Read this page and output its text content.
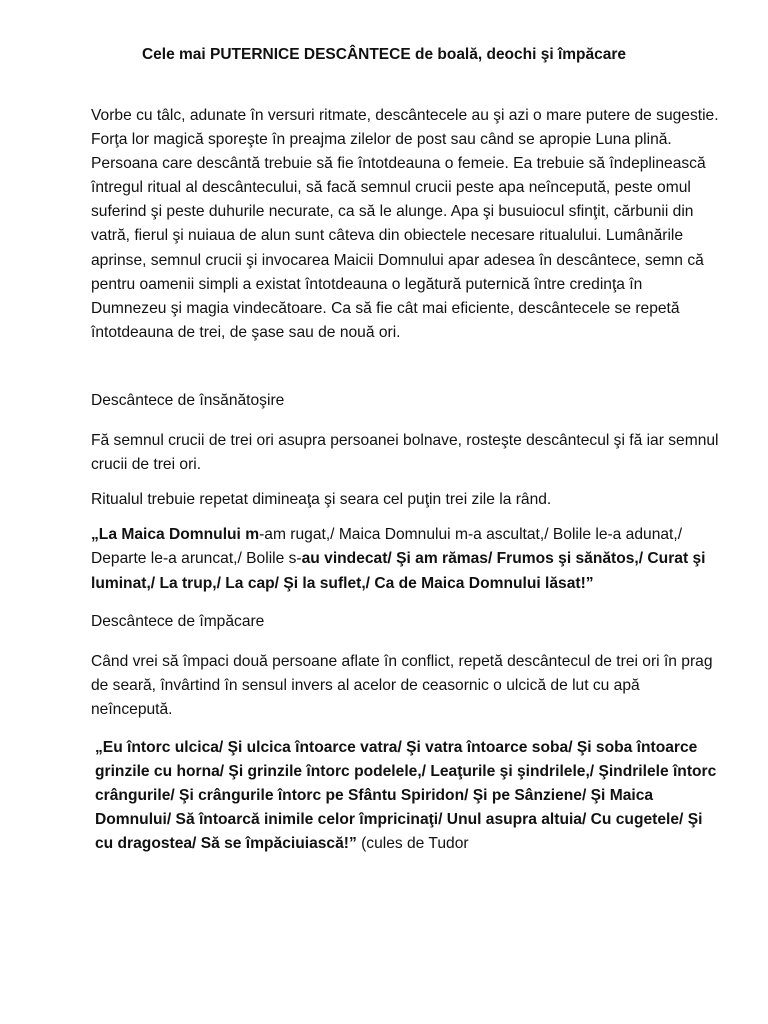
Cele mai PUTERNICE DESCÂNTECE de boală, deochi şi împăcare

Vorbe cu tâlc, adunate în versuri ritmate, descântecele au şi azi o mare putere de sugestie. Forţa lor magică sporeşte în preajma zilelor de post sau când se apropie Luna plină. Persoana care descântă trebuie să fie întotdeauna o femeie. Ea trebuie să îndeplinească întregul ritual al descântecului, să facă semnul crucii peste apa neîncepută, peste omul suferind şi peste duhurile necurate, ca să le alunge. Apa şi busuiocul sfinţit, cărbunii din vatră, fierul şi nuiaua de alun sunt câteva din obiectele necesare ritualului. Lumânările aprinse, semnul crucii şi invocarea Maicii Domnului apar adesea în descântece, semn că pentru oamenii simpli a existat întotdeauna o legătură puternică între credinţa în Dumnezeu şi magia vindecătoare. Ca să fie cât mai eficiente, descântecele se repetă întotdeauna de trei, de şase sau de nouă ori.

Descântece de însănătoşire

Fă semnul crucii de trei ori asupra persoanei bolnave, rosteşte descântecul şi fă iar semnul crucii de trei ori.

Ritualul trebuie repetat dimineaţa şi seara cel puţin trei zile la rând.

„La Maica Domnului m-am rugat,/ Maica Domnului m-a ascultat,/ Bolile le-a adunat,/ Departe le-a aruncat,/ Bolile s-au vindecat/ Şi am rămas/ Frumos şi sănătos,/ Curat şi luminat,/ La trup,/ La cap/ Şi la suflet,/ Ca de Maica Domnului lăsat!”

Descântece de împăcare

Când vrei să împaci două persoane aflate în conflict, repetă descântecul de trei ori în prag de seară, învârtind în sensul invers al acelor de ceasornic o ulcică de lut cu apă neîncepută.

„Eu întorc ulcica/ Şi ulcica întoarce vatra/ Şi vatra întoarce soba/ Şi soba întoarce grinzile cu horna/ Şi grinzile întorc podelele,/ Leaţurile şi şindrilele,/ Şindrilele întorc crângurile/ Şi crângurile întorc pe Sfântu Spiridon/ Şi pe Sânziene/ Şi Maica Domnului/ Să întoarcă inimile celor împricinaţi/ Unul asupra altuia/ Cu cugetele/ Şi cu dragostea/ Să se împăciuiască!” (cules de Tudor
